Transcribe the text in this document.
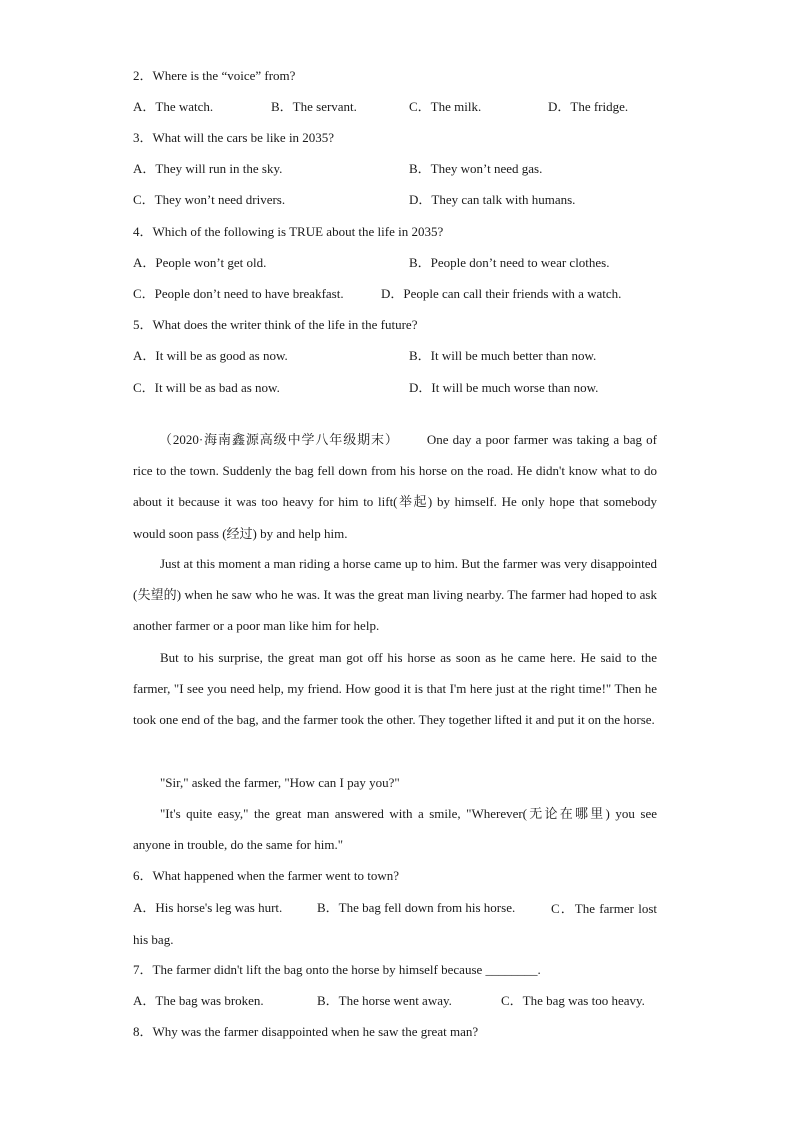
2．Where is the “voice” from?
A．The watch.	B．The servant.	C．The milk.	D．The fridge.
3．What will the cars be like in 2035?
A．They will run in the sky.	B．They won’t need gas.
C．They won’t need drivers.	D．They can talk with humans.
4．Which of the following is TRUE about the life in 2035?
A．People won’t get old.	B．People don’t need to wear clothes.
C．People don’t need to have breakfast.	D．People can call their friends with a watch.
5．What does the writer think of the life in the future?
A．It will be as good as now.	B．It will be much better than now.
C．It will be as bad as now.	D．It will be much worse than now.
（2020·海南鑫源高级中学八年级期末） One day a poor farmer was taking a bag of rice to the town. Suddenly the bag fell down from his horse on the road. He didn't know what to do about it because it was too heavy for him to lift(举起) by himself. He only hope that somebody would soon pass (经过) by and help him.
Just at this moment a man riding a horse came up to him. But the farmer was very disappointed (失望的) when he saw who he was. It was the great man living nearby. The farmer had hoped to ask another farmer or a poor man like him for help.
But to his surprise, the great man got off his horse as soon as he came here. He said to the farmer, "I see you need help, my friend. How good it is that I'm here just at the right time!" Then he took one end of the bag, and the farmer took the other. They together lifted it and put it on the horse.
"Sir," asked the farmer, "How can I pay you?"
"It's quite easy," the great man answered with a smile, "Wherever(无论在哪里) you see anyone in trouble, do the same for him."
6．What happened when the farmer went to town?
A．His horse's leg was hurt.	B．The bag fell down from his horse.	C．The farmer lost his bag.
7．The farmer didn't lift the bag onto the horse by himself because ________.
A．The bag was broken.	B．The horse went away.	C．The bag was too heavy.
8．Why was the farmer disappointed when he saw the great man?
